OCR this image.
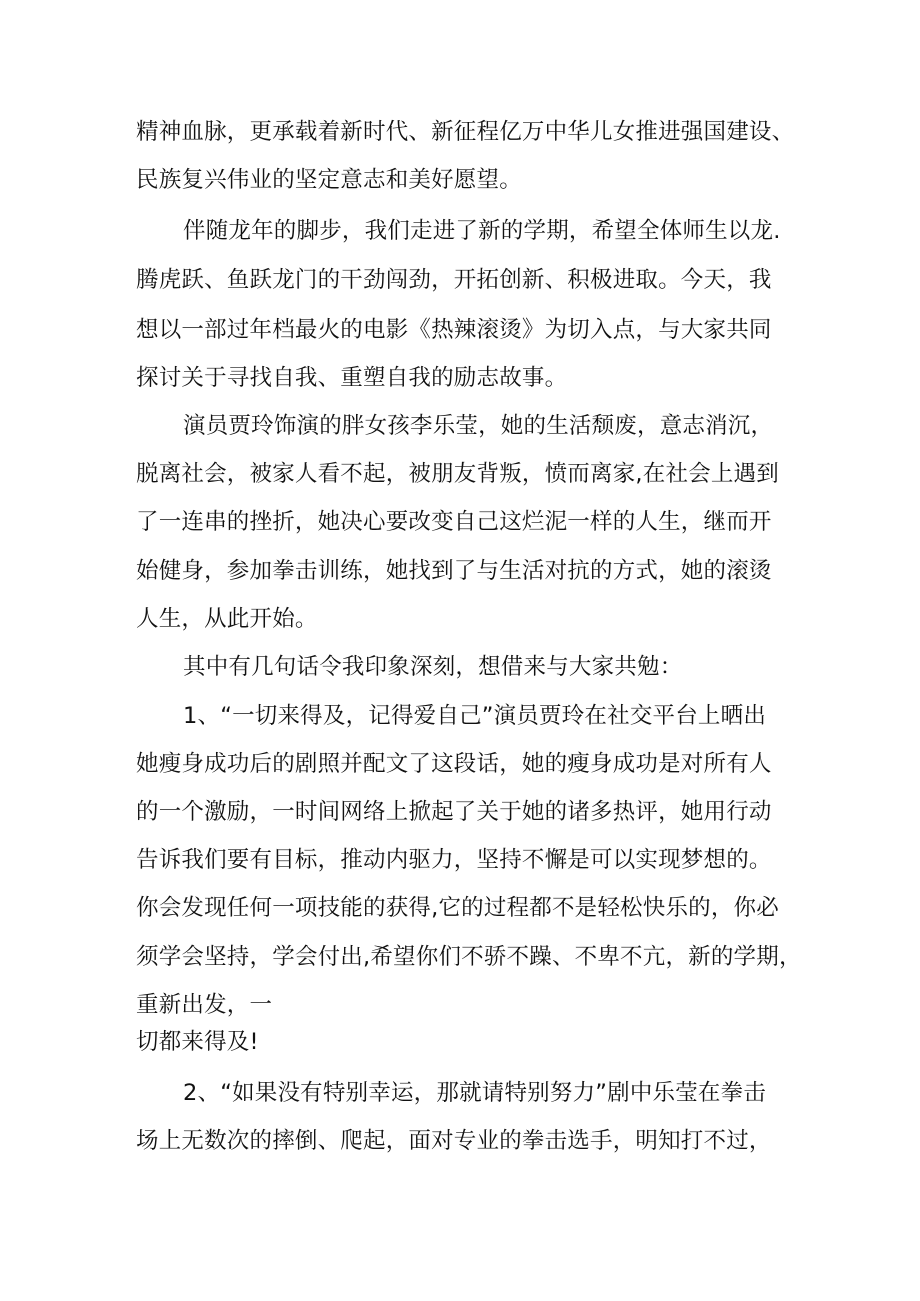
精神血脉，更承载着新时代、新征程亿万中华儿女推进强国建设、
民族复兴伟业的坚定意志和美好愿望。
伴随龙年的脚步，我们走进了新的学期，希望全体师生以龙.
腾虎跃、鱼跃龙门的干劲闯劲，开拓创新、积极进取。今天，我
想以一部过年档最火的电影《热辣滚烫》为切入点，与大家共同
探讨关于寻找自我、重塑自我的励志故事。
演员贾玲饰演的胖女孩李乐莹，她的生活颓废，意志消沉，
脱离社会，被家人看不起，被朋友背叛，愤而离家,在社会上遇到
了一连串的挫折，她决心要改变自己这烂泥一样的人生，继而开
始健身，参加拳击训练，她找到了与生活对抗的方式，她的滚烫
人生，从此开始。
其中有几句话令我印象深刻，想借来与大家共勉：
1、“一切来得及，记得爱自己”演员贾玲在社交平台上晒出
她瘦身成功后的剧照并配文了这段话，她的瘦身成功是对所有人
的一个激励，一时间网络上掀起了关于她的诸多热评，她用行动
告诉我们要有目标，推动内驱力，坚持不懈是可以实现梦想的。
你会发现任何一项技能的获得,它的过程都不是轻松快乐的，你必
须学会坚持，学会付出,希望你们不骄不躁、不卑不亢，新的学期，
重新出发，一
切都来得及!
2、“如果没有特别幸运，那就请特别努力”剧中乐莹在拳击
场上无数次的摔倒、爬起，面对专业的拳击选手，明知打不过，
